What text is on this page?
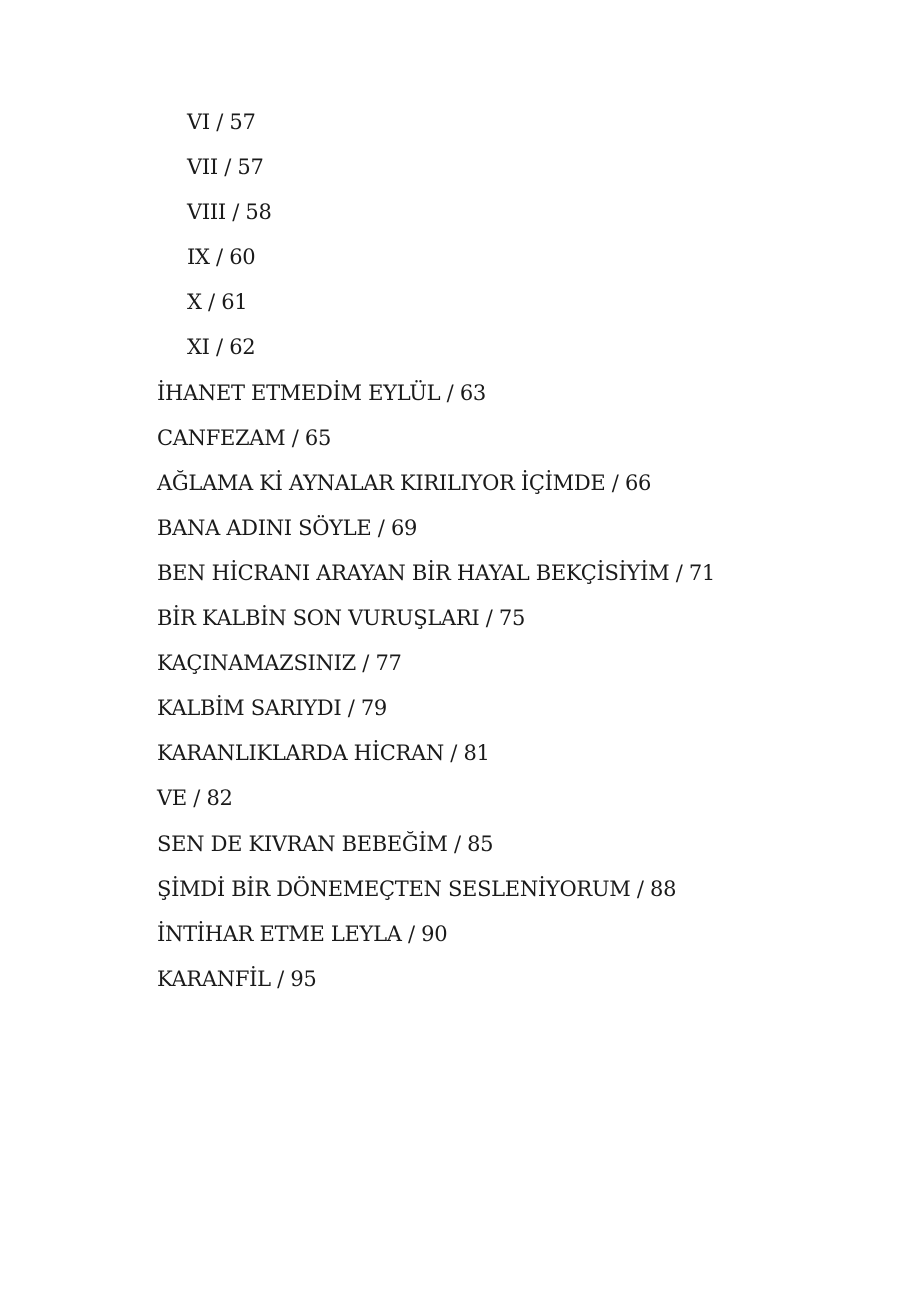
VI / 57
VII / 57
VIII / 58
IX / 60
X / 61
XI / 62
İHANET ETMEDİM EYLÜL / 63
CANFEZAM / 65
AĞLAMA Kİ AYNALAR KIRILIYOR İÇİMDE / 66
BANA ADINI SÖYLE / 69
BEN HİCRANI ARAYAN BİR HAYAL BEKÇİSİYİM / 71
BİR KALBİN SON VURUŞLARI / 75
KAÇINAMAZSINIZ / 77
KALBİM SARIYDI / 79
KARANLIKLARDA HİCRAN / 81
VE / 82
SEN DE KIVRAN BEBEĞİM / 85
ŞİMDİ BİR DÖNEMEÇTEN SESLENİYORUM / 88
İNTİHAR ETME LEYLA / 90
KARANFİL / 95
